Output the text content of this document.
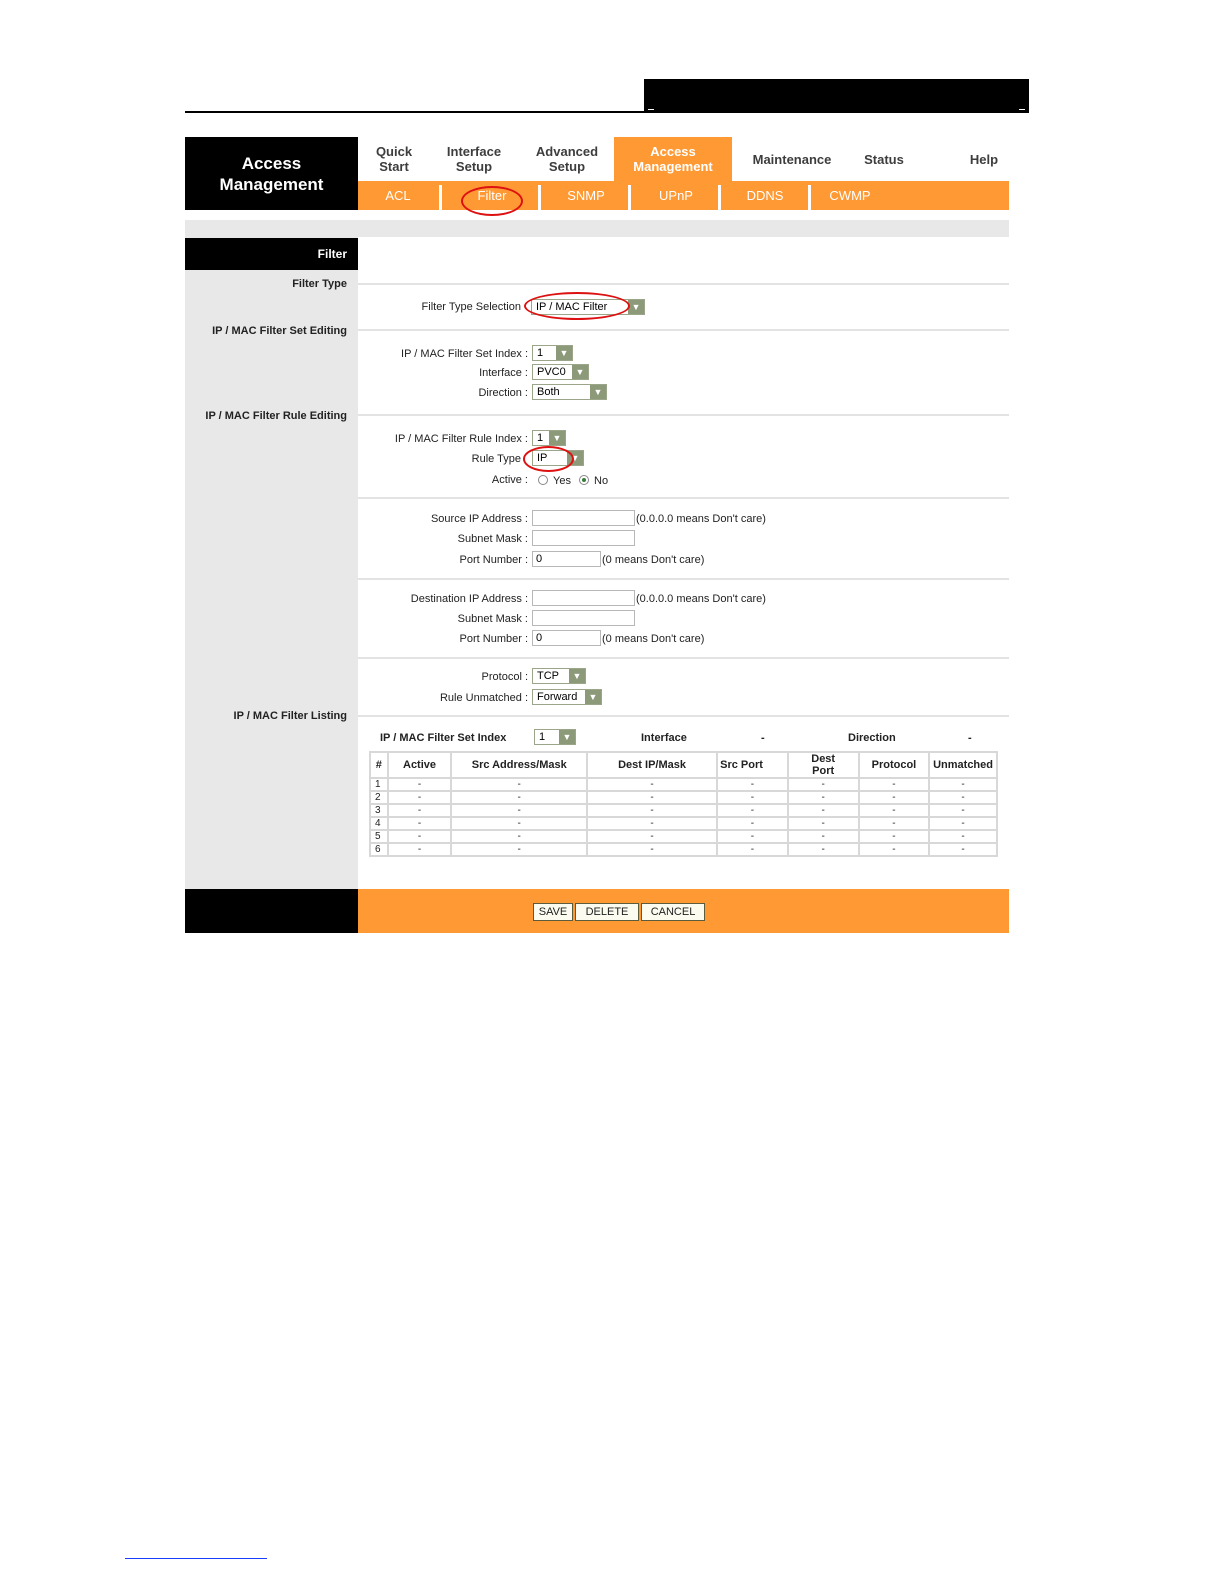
Access
Management
Quick
Start
Interface
Setup
Advanced
Setup
Access
Management	Maintenance	Status	Help
ACL	Filter	SNMP	UPnP	DDNS	CWMP
Filter
Filter Type
IP / MAC Filter Set Editing
IP / MAC Filter Rule Editing
IP / MAC Filter Listing
Filter Type Selection	IP / MAC Filter	▼
IP / MAC Filter Set Index : 1	▼
Interface : PVC0	▼
Direction : Both	▼
IP / MAC Filter Rule Index : 1	▼
Rule Type	IP	▼
Active : Yes No
Source IP Address :	(0.0.0.0 means Don't care)
Subnet Mask :
Port Number : 0	(0 means Don't care)
Destination IP Address :	(0.0.0.0 means Don't care)
Subnet Mask :
Port Number : 0	(0 means Don't care)
Protocol : TCP	▼
Rule Unmatched : Forward	▼
IP / MAC Filter Set Index	1	▼	Interface	-	Direction	-
#	Active	Src Address/Mask	Dest IP/Mask	Src Port	Dest Port	Protocol	Unmatched
1	-	-	-	-	-	-	-
2	-	-	-	-	-	-	-
3	-	-	-	-	-	-	-
4	-	-	-	-	-	-	-
5	-	-	-	-	-	-	-
6	-	-	-	-	-	-	-
SAVE	DELETE	CANCEL
